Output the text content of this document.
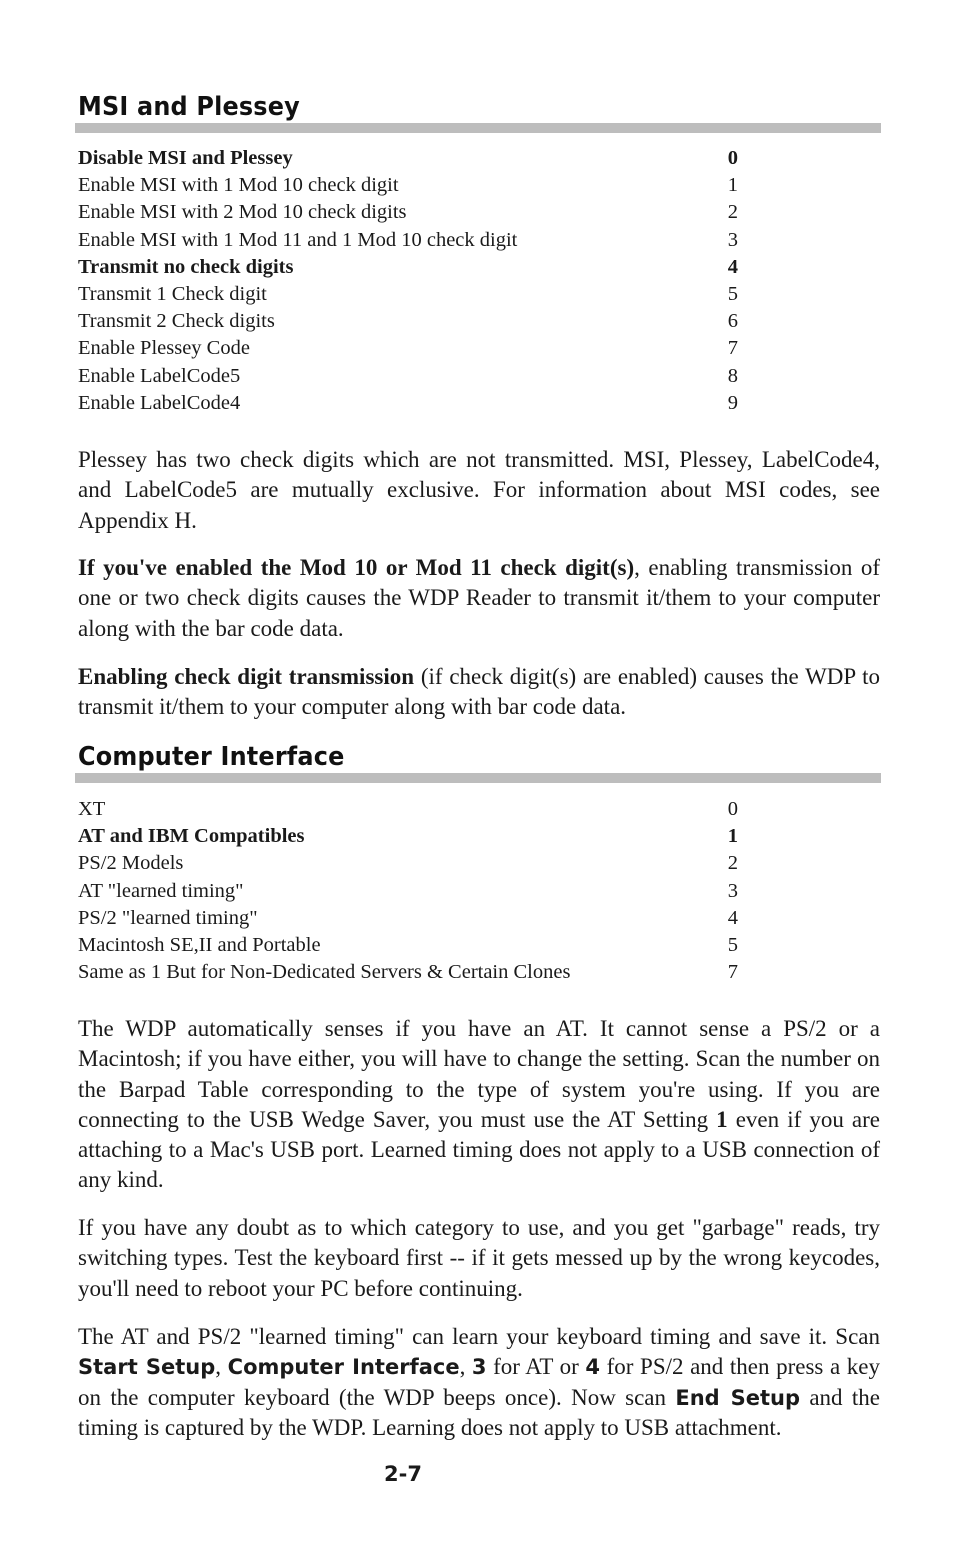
MSI and Plessey
Disable MSI and Plessey	0
Enable MSI with 1 Mod 10 check digit	1
Enable MSI with 2 Mod 10 check digits	2
Enable MSI with 1 Mod 11 and 1 Mod 10 check digit	3
Transmit no check digits	4
Transmit 1 Check digit	5
Transmit 2 Check digits	6
Enable Plessey Code	7
Enable LabelCode5	8
Enable LabelCode4	9

Plessey has two check digits which are not transmitted. MSI, Plessey, LabelCode4, and LabelCode5 are mutually exclusive. For information about MSI codes, see Appendix H.

If you've enabled the Mod 10 or Mod 11 check digit(s), enabling transmission of one or two check digits causes the WDP Reader to transmit it/them to your computer along with the bar code data.

Enabling check digit transmission (if check digit(s) are enabled) causes the WDP to transmit it/them to your computer along with bar code data.

Computer Interface
XT	0
AT and IBM Compatibles	1
PS/2 Models	2
AT "learned timing"	3
PS/2 "learned timing"	4
Macintosh SE,II and Portable	5
Same as 1 But for Non-Dedicated Servers & Certain Clones	7

The WDP automatically senses if you have an AT. It cannot sense a PS/2 or a Macintosh; if you have either, you will have to change the setting. Scan the number on the Barpad Table corresponding to the type of system you're using. If you are connecting to the USB Wedge Saver, you must use the AT Setting 1 even if you are attaching to a Mac's USB port. Learned timing does not apply to a USB connection of any kind.

If you have any doubt as to which category to use, and you get "garbage" reads, try switching types. Test the keyboard first -- if it gets messed up by the wrong keycodes, you'll need to reboot your PC before continuing.

The AT and PS/2 "learned timing" can learn your keyboard timing and save it. Scan Start Setup, Computer Interface, 3 for AT or 4 for PS/2 and then press a key on the computer keyboard (the WDP beeps once). Now scan End Setup and the timing is captured by the WDP. Learning does not apply to USB attachment.

2-7
